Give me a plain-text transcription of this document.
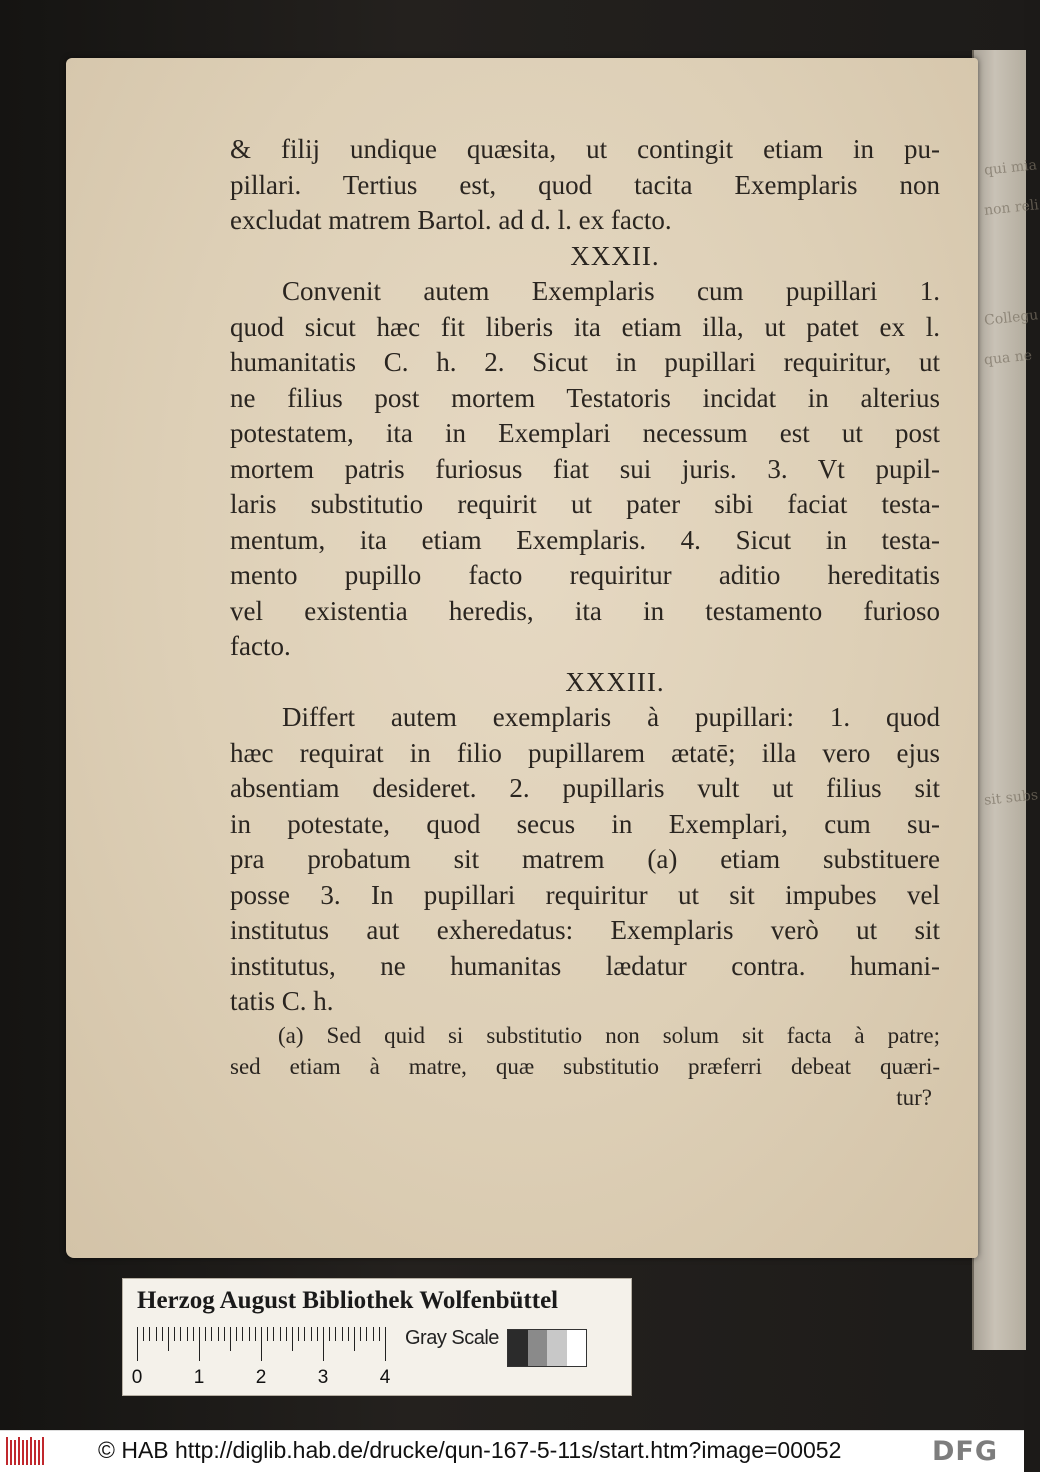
qui mia
non reli
Collegu
qua ne
sit subs
& filij undique quæsita, ut contingit etiam in pu-
pillari. Tertius est, quod tacita Exemplaris non
excludat matrem Bartol. ad d. l. ex facto.
XXXII.
Convenit autem Exemplaris cum pupillari 1.
quod sicut hæc fit liberis ita etiam illa, ut patet ex l.
humanitatis C. h. 2. Sicut in pupillari requiritur, ut
ne filius post mortem Testatoris incidat in alterius
potestatem, ita in Exemplari necessum est ut post
mortem patris furiosus fiat sui juris. 3. Vt pupil-
laris substitutio requirit ut pater sibi faciat testa-
mentum, ita etiam Exemplaris. 4. Sicut in testa-
mento pupillo facto requiritur aditio hereditatis
vel existentia heredis, ita in testamento furioso
facto.
XXXIII.
Differt autem exemplaris à pupillari: 1. quod
hæc requirat in filio pupillarem ætatē; illa vero ejus
absentiam desideret. 2. pupillaris vult ut filius sit
in potestate, quod secus in Exemplari, cum su-
pra probatum sit matrem (a) etiam substituere
posse 3. In pupillari requiritur ut sit impubes vel
institutus aut exheredatus: Exemplaris verò ut sit
institutus, ne humanitas lædatur contra. humani-
tatis C. h.
(a) Sed quid si substitutio non solum sit facta à patre;
sed etiam à matre, quæ substitutio præferri debeat quæri-
tur?
Herzog August Bibliothek Wolfenbüttel
0	1	2	3	4
Gray Scale
© HAB http://diglib.hab.de/drucke/qun-167-5-11s/start.htm?image=00052	DFG
